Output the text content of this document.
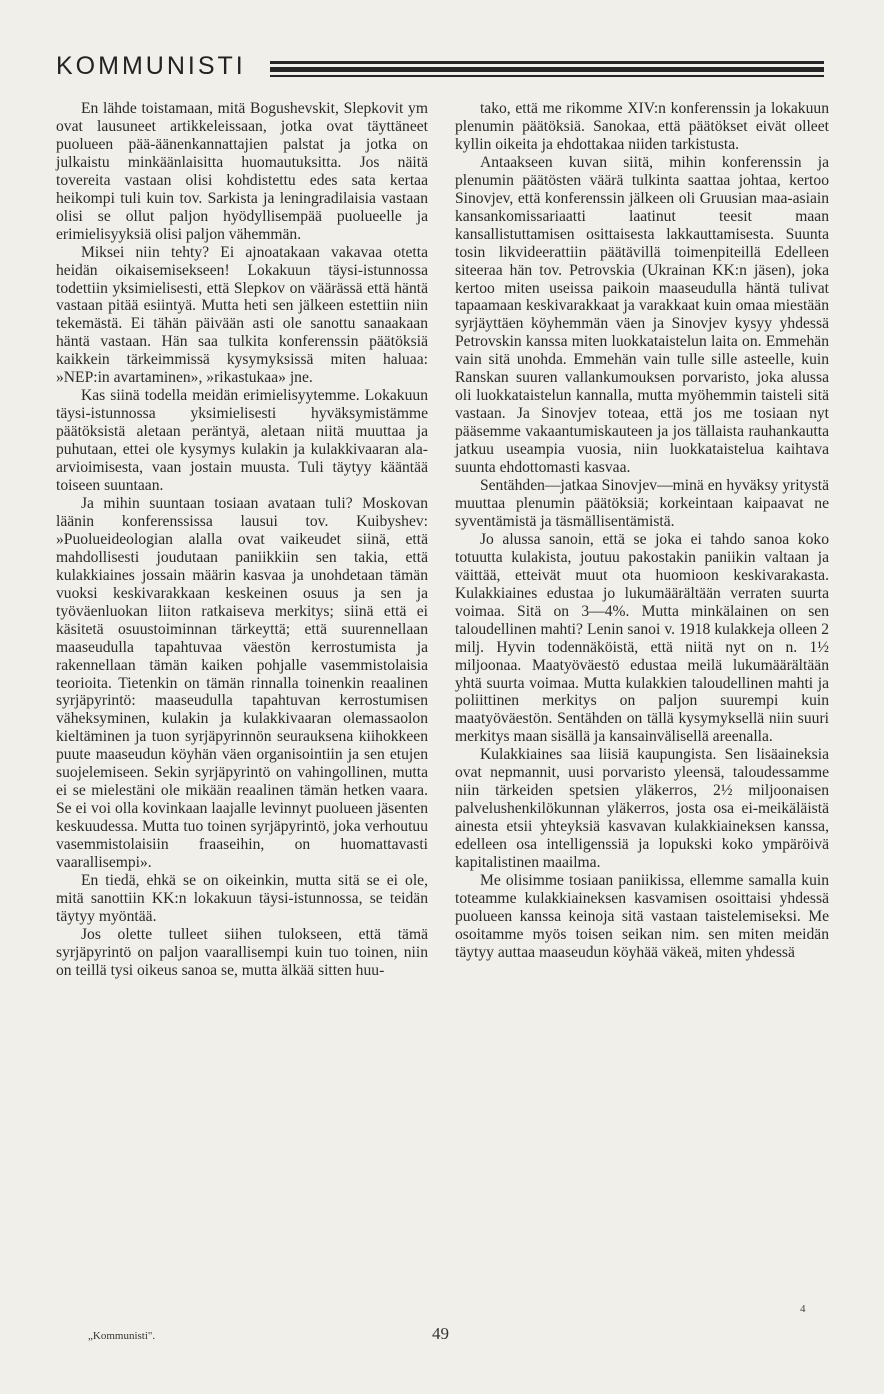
KOMMUNISTI

En lähde toistamaan, mitä Bogushevskit, Slepkovit ym ovat lausuneet artikkeleissaan, jotka ovat täyttäneet puolueen pää-äänenkannattajien palstat ja jotka on julkaistu minkäänlaisitta huomautuksitta. Jos näitä tovereita vastaan olisi kohdistettu edes sata kertaa heikompi tuli kuin tov. Sarkista ja leningradilaisia vastaan olisi se ollut paljon hyödyllisempää puolueelle ja erimielisyyksiä olisi paljon vähemmän.

Miksei niin tehty? Ei ajnoatakaan vakavaa otetta heidän oikaisemisekseen! Lokakuun täysi-istunnossa todettiin yksimielisesti, että Slepkov on väärässä että häntä vastaan pitää esiintyä. Mutta heti sen jälkeen estettiin niin tekemästä. Ei tähän päivään asti ole sanottu sanaakaan häntä vastaan. Hän saa tulkita konferenssin päätöksiä kaikkein tärkeimmissä kysymyksissä miten haluaa: »NEP:in avartaminen», »rikastukaa» jne.

Kas siinä todella meidän erimielisyytemme. Lokakuun täysi-istunnossa yksimielisesti hyväksymistämme päätöksistä aletaan peräntyä, aletaan niitä muuttaa ja puhutaan, ettei ole kysymys kulakin ja kulakkivaaran ala-arvioimisesta, vaan jostain muusta. Tuli täytyy kääntää toiseen suuntaan.

Ja mihin suuntaan tosiaan avataan tuli? Moskovan läänin konferenssissa lausui tov. Kuibyshev: »Puolueideologian alalla ovat vaikeudet siinä, että mahdollisesti joudutaan paniikkiin sen takia, että kulakkiaines jossain määrin kasvaa ja unohdetaan tämän vuoksi keskivarakkaan keskeinen osuus ja sen ja työväenluokan liiton ratkaiseva merkitys; siinä että ei käsitetä osuustoiminnan tärkeyttä; että suurennellaan maaseudulla tapahtuvaa väestön kerrostumista ja rakennellaan tämän kaiken pohjalle vasemmistolaisia teorioita. Tietenkin on tämän rinnalla toinenkin reaalinen syrjäpyrintö: maaseudulla tapahtuvan kerrostumisen väheksyminen, kulakin ja kulakkivaaran olemassaolon kieltäminen ja tuon syrjäpyrinnön seurauksena kiihokkeen puute maaseudun köyhän väen organisointiin ja sen etujen suojelemiseen. Sekin syrjäpyrintö on vahingollinen, mutta ei se mielestäni ole mikään reaalinen tämän hetken vaara. Se ei voi olla kovinkaan laajalle levinnyt puolueen jäsenten keskuudessa. Mutta tuo toinen syrjäpyrintö, joka verhoutuu vasemmistolaisiin fraaseihin, on huomattavasti vaarallisempi».

En tiedä, ehkä se on oikeinkin, mutta sitä se ei ole, mitä sanottiin KK:n lokakuun täysi-istunnossa, se teidän täytyy myöntää.

Jos olette tulleet siihen tulokseen, että tämä syrjäpyrintö on paljon vaarallisempi kuin tuo toinen, niin on teillä tysi oikeus sanoa se, mutta älkää sitten huu-

tako, että me rikomme XIV:n konferenssin ja lokakuun plenumin päätöksiä. Sanokaa, että päätökset eivät olleet kyllin oikeita ja ehdottakaa niiden tarkistusta.

Antaakseen kuvan siitä, mihin konferenssin ja plenumin päätösten väärä tulkinta saattaa johtaa, kertoo Sinovjev, että konferenssin jälkeen oli Gruusian maa-asiain kansankomissariaatti laatinut teesit maan kansallistuttamisen osittaisesta lakkauttamisesta. Suunta tosin likvideerattiin päätävillä toimenpiteillä Edelleen siteeraa hän tov. Petrovskia (Ukrainan KK:n jäsen), joka kertoo miten useissa paikoin maaseudulla häntä tulivat tapaamaan keskivarakkaat ja varakkaat kuin omaa miestään syrjäyttäen köyhemmän väen ja Sinovjev kysyy yhdessä Petrovskin kanssa miten luokkataistelun laita on. Emmehän vain sitä unohda. Emmehän vain tulle sille asteelle, kuin Ranskan suuren vallankumouksen porvaristo, joka alussa oli luokkataistelun kannalla, mutta myöhemmin taisteli sitä vastaan. Ja Sinovjev toteaa, että jos me tosiaan nyt pääsemme vakaantumiskauteen ja jos tällaista rauhankautta jatkuu useampia vuosia, niin luokkataistelua kaihtava suunta ehdottomasti kasvaa.

Sentähden—jatkaa Sinovjev—minä en hyväksy yritystä muuttaa plenumin päätöksiä; korkeintaan kaipaavat ne syventämistä ja täsmällisentämistä.

Jo alussa sanoin, että se joka ei tahdo sanoa koko totuutta kulakista, joutuu pakostakin paniikin valtaan ja väittää, etteivät muut ota huomioon keskivarakasta. Kulakkiaines edustaa jo lukumäärältään verraten suurta voimaa. Sitä on 3—4%. Mutta minkälainen on sen taloudellinen mahti? Lenin sanoi v. 1918 kulakkeja olleen 2 milj. Hyvin todennäköistä, että niitä nyt on n. 1½ miljoonaa. Maatyöväestö edustaa meilä lukumäärältään yhtä suurta voimaa. Mutta kulakkien taloudellinen mahti ja poliittinen merkitys on paljon suurempi kuin maatyöväestön. Sentähden on tällä kysymyksellä niin suuri merkitys maan sisällä ja kansainvälisellä areenalla.

Kulakkiaines saa liisiä kaupungista. Sen lisäaineksia ovat nepmannit, uusi porvaristo yleensä, taloudessamme niin tärkeiden spetsien yläkerros, 2½ miljoonaisen palvelushenkilökunnan yläkerros, josta osa ei-meikäläistä ainesta etsii yhteyksiä kasvavan kulakkiaineksen kanssa, edelleen osa intelligenssiä ja lopukski koko ympäröivä kapitalistinen maailma.

Me olisimme tosiaan paniikissa, ellemme samalla kuin toteamme kulakkiaineksen kasvamisen osoittaisi yhdessä puolueen kanssa keinoja sitä vastaan taistelemiseksi. Me osoitamme myös toisen seikan nim. sen miten meidän täytyy auttaa maaseudun köyhää väkeä, miten yhdessä

4
„Kommunisti".	49
